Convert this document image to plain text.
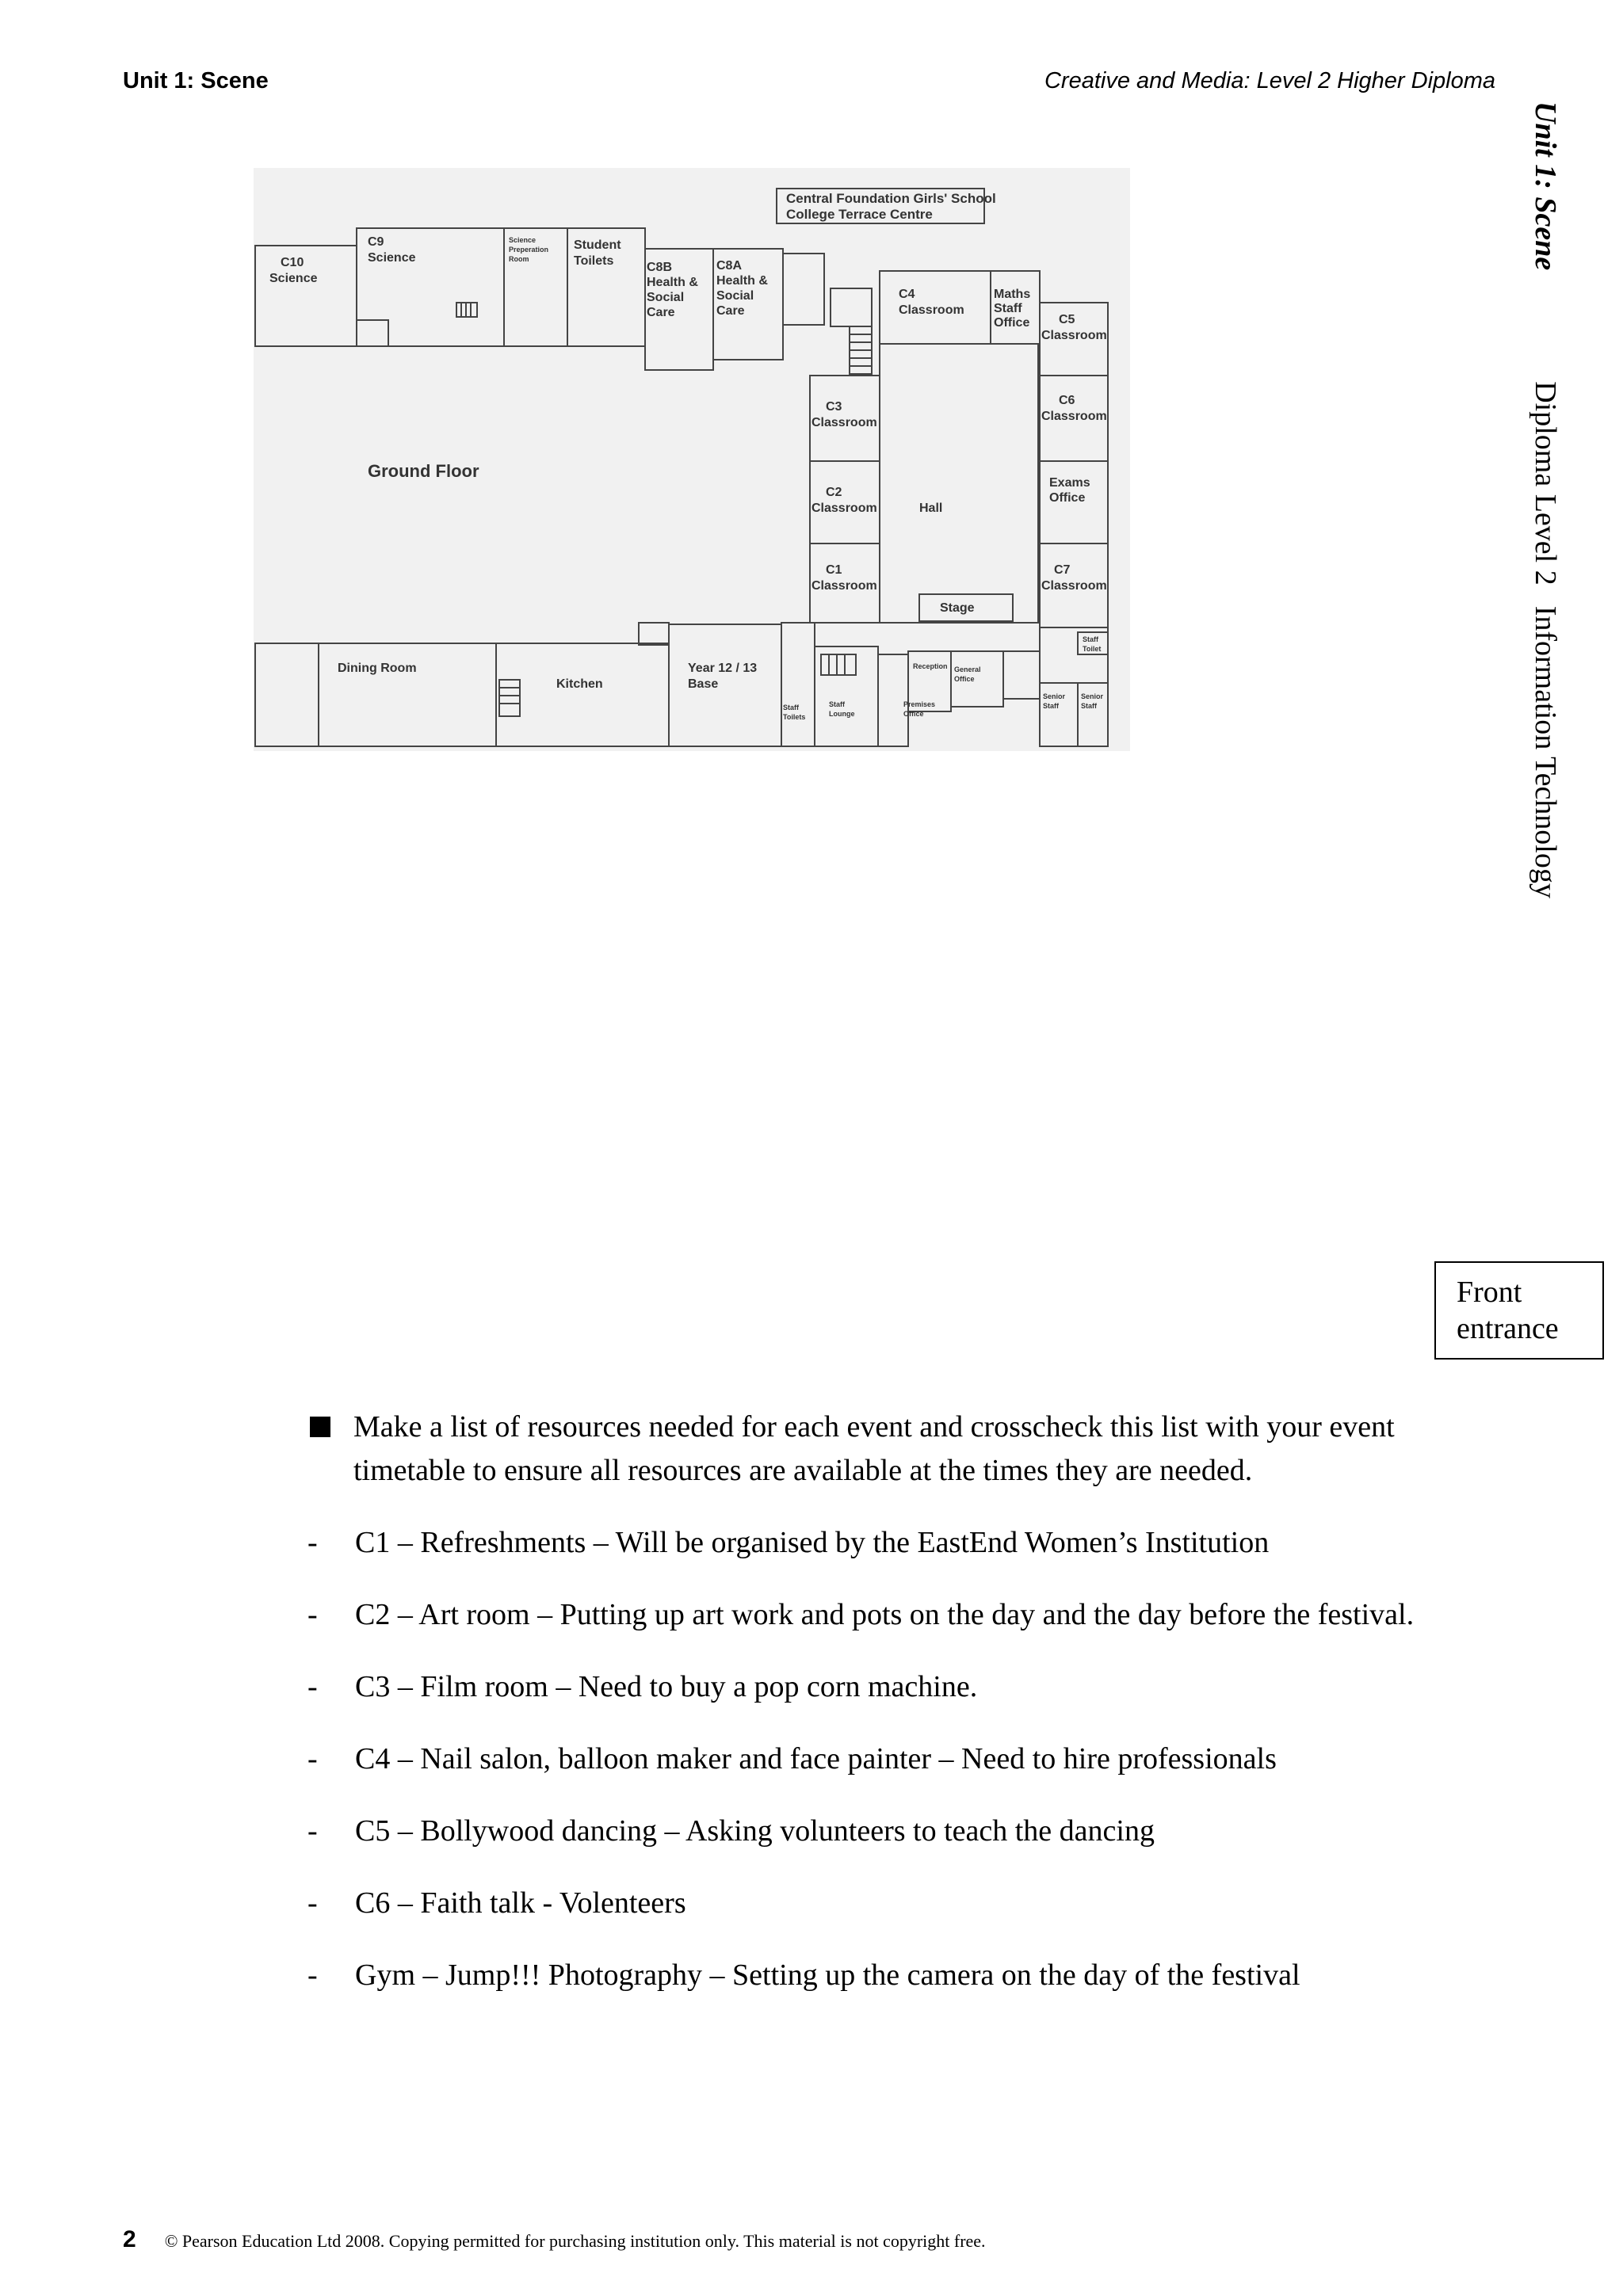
Unit 1: Scene	Creative and Media: Level 2 Higher Diploma
Unit 1: SceneDiploma Level 2Information Technology
Central Foundation Girls' School
College Terrace Centre
Ground Floor
C10
Science
C9
Science
Student
Toilets	C8B
Health &
Social
Care
C8A
Health &
Social
Care
C4
Classroom
Maths
Staff
Office C5
Classroom
C6
Classroom
Exams
Office
C7
Classroom
C3
Classroom
C2
Classroom
C1
Classroom
Hall
Stage
Dining Room
Kitchen
Year 12 / 13
Base
Science
Preperation
Room
Staff
Toilets
Staff
Lounge
Premises
Office
Reception General
Office
Staff
Toilet
Senior
Staff
Senior
Staff
Front
entrance
Make a list of resources needed for each event and crosscheck this list with your event timetable to ensure all resources are available at the times they are needed.
- C1 – Refreshments – Will be organised by the EastEnd Women’s Institution
- C2 – Art room – Putting up art work and pots on the day and the day before the festival.
- C3 – Film room – Need to buy a pop corn machine.
- C4 – Nail salon, balloon maker and face painter – Need to hire professionals
- C5 – Bollywood dancing – Asking volunteers to teach the dancing
- C6 – Faith talk - Volenteers
- Gym – Jump!!! Photography – Setting up the camera on the day of the festival
2 © Pearson Education Ltd 2008. Copying permitted for purchasing institution only. This material is not copyright free.
